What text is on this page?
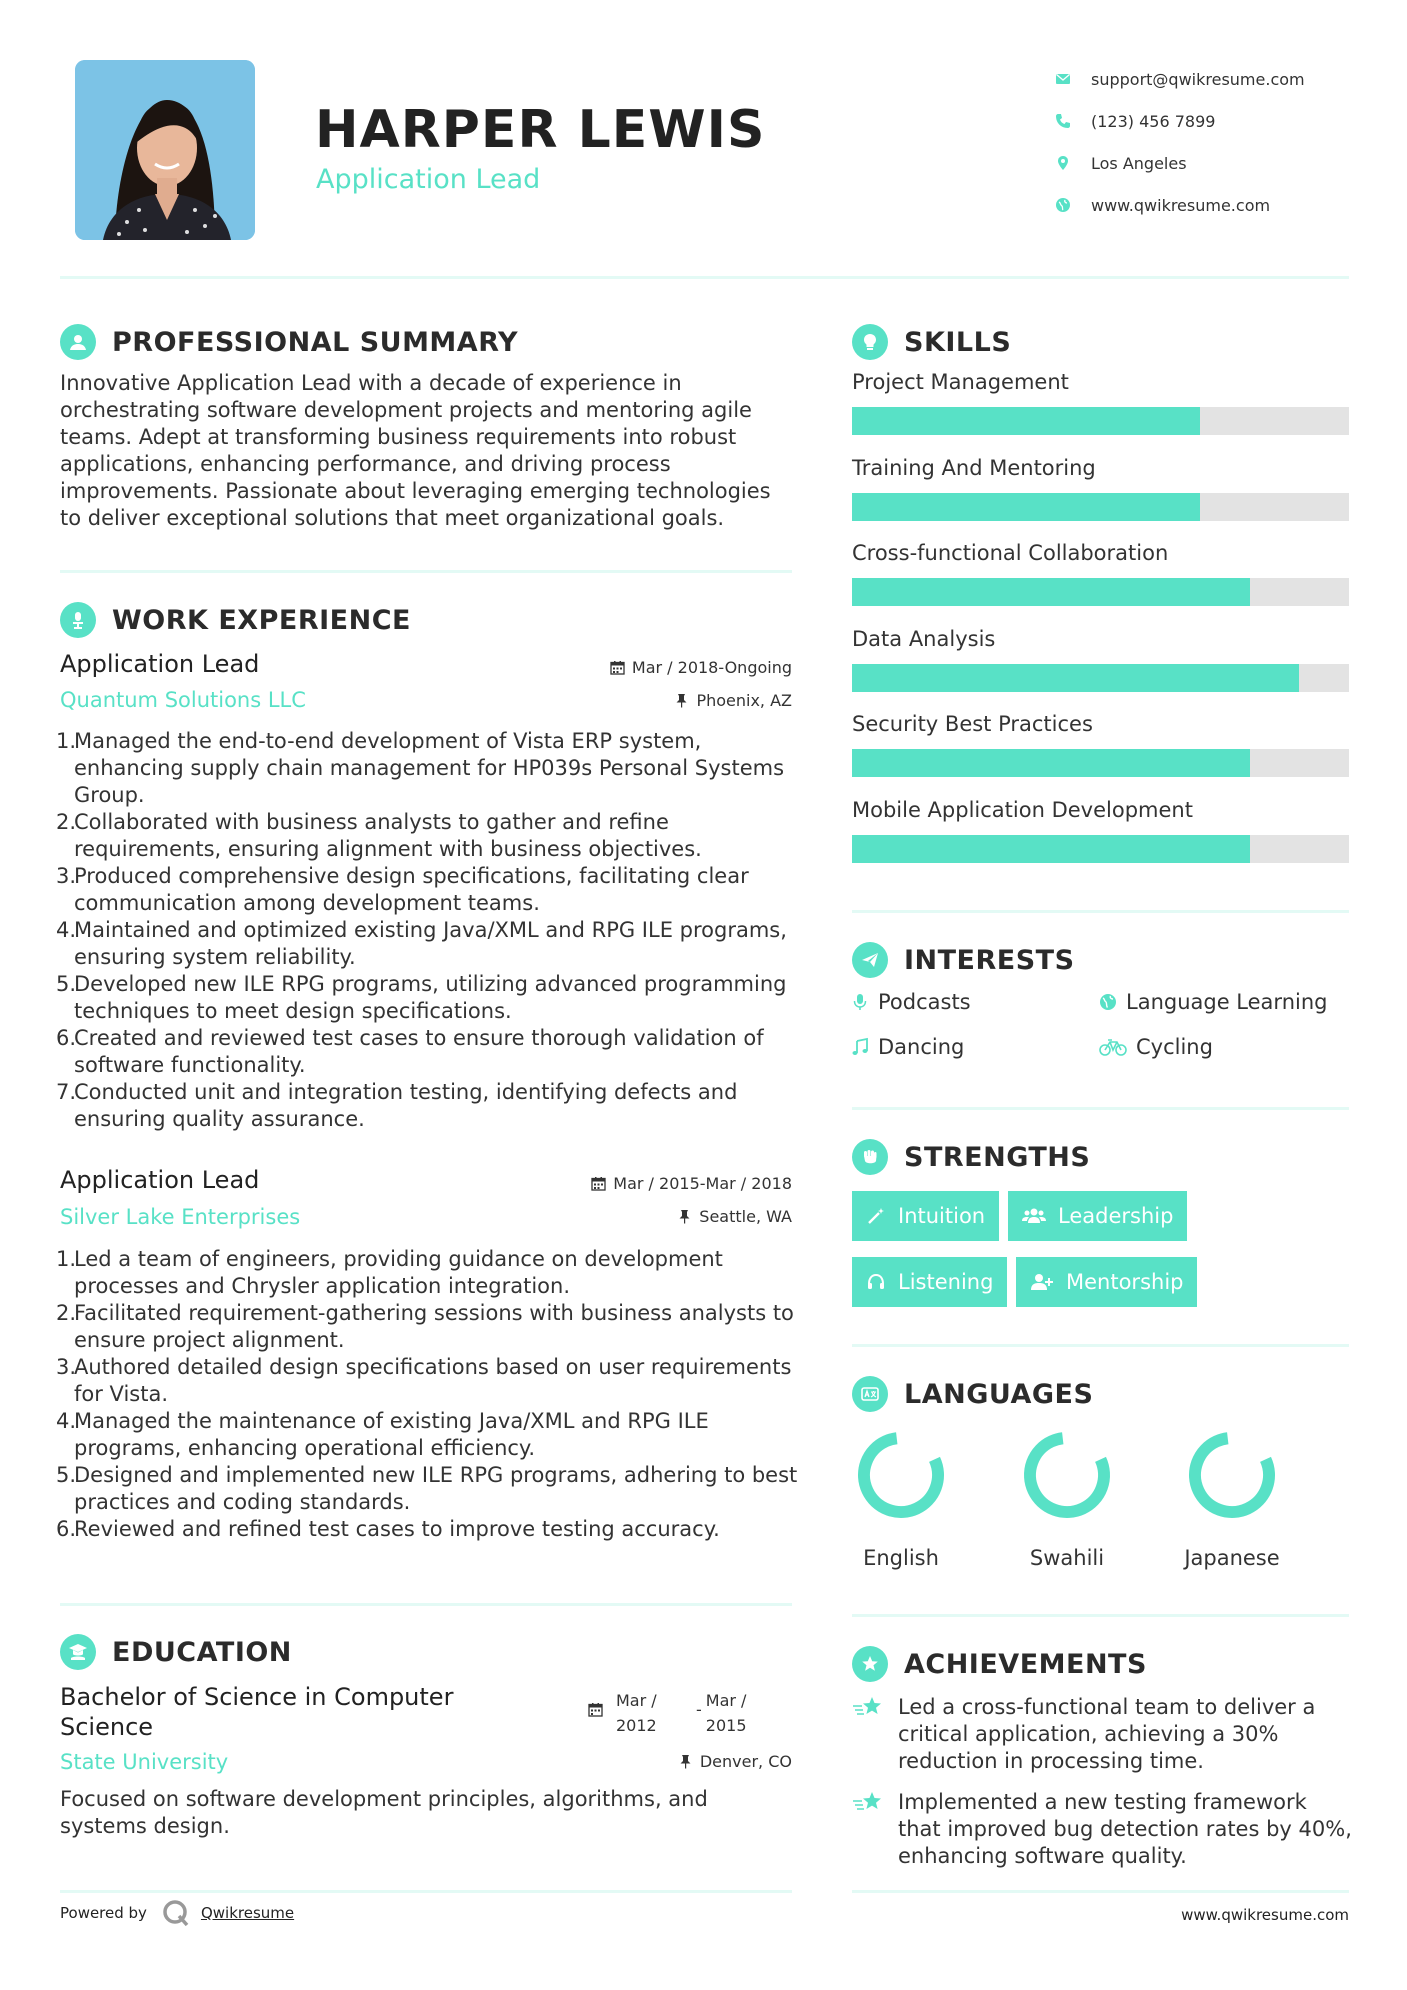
HARPER LEWIS
Application Lead
support@qwikresume.com
(123) 456 7899
Los Angeles
www.qwikresume.com
PROFESSIONAL SUMMARY
Innovative Application Lead with a decade of experience in orchestrating software development projects and mentoring agile teams. Adept at transforming business requirements into robust applications, enhancing performance, and driving process improvements. Passionate about leveraging emerging technologies to deliver exceptional solutions that meet organizational goals.
WORK EXPERIENCE
Application Lead	Mar / 2018-Ongoing
Quantum Solutions LLC	Phoenix, AZ
1.
Managed the end-to-end development of Vista ERP system, enhancing supply chain management for HP039s Personal Systems Group.
2.
Collaborated with business analysts to gather and refine requirements, ensuring alignment with business objectives.
3.
Produced comprehensive design specifications, facilitating clear communication among development teams.
4.
Maintained and optimized existing Java/XML and RPG ILE programs, ensuring system reliability.
5.
Developed new ILE RPG programs, utilizing advanced programming techniques to meet design specifications.
6.
Created and reviewed test cases to ensure thorough validation of software functionality.
7.
Conducted unit and integration testing, identifying defects and ensuring quality assurance.
Application Lead	Mar / 2015-Mar / 2018
Silver Lake Enterprises	Seattle, WA
1.
Led a team of engineers, providing guidance on development processes and Chrysler application integration.
2.
Facilitated requirement-gathering sessions with business analysts to ensure project alignment.
3.
Authored detailed design specifications based on user requirements for Vista.
4.
Managed the maintenance of existing Java/XML and RPG ILE programs, enhancing operational efficiency.
5.
Designed and implemented new ILE RPG programs, adhering to best practices and coding standards.
6.
Reviewed and refined test cases to improve testing accuracy.
EDUCATION
Bachelor of Science in Computer
Science
Mar /
2012
- Mar /
2015
State University	Denver, CO
Focused on software development principles, algorithms, and systems design.
Powered by	Qwikresume
SKILLS
Project Management
Training And Mentoring
Cross-functional Collaboration
Data Analysis
Security Best Practices
Mobile Application Development
INTERESTS
Podcasts	Language Learning
Dancing	Cycling
STRENGTHS
Intuition	Leadership
Listening	Mentorship
LANGUAGES
English	Swahili	Japanese
ACHIEVEMENTS
Led a cross-functional team to deliver a critical application, achieving a 30% reduction in processing time.
Implemented a new testing framework that improved bug detection rates by 40%, enhancing software quality.
www.qwikresume.com
